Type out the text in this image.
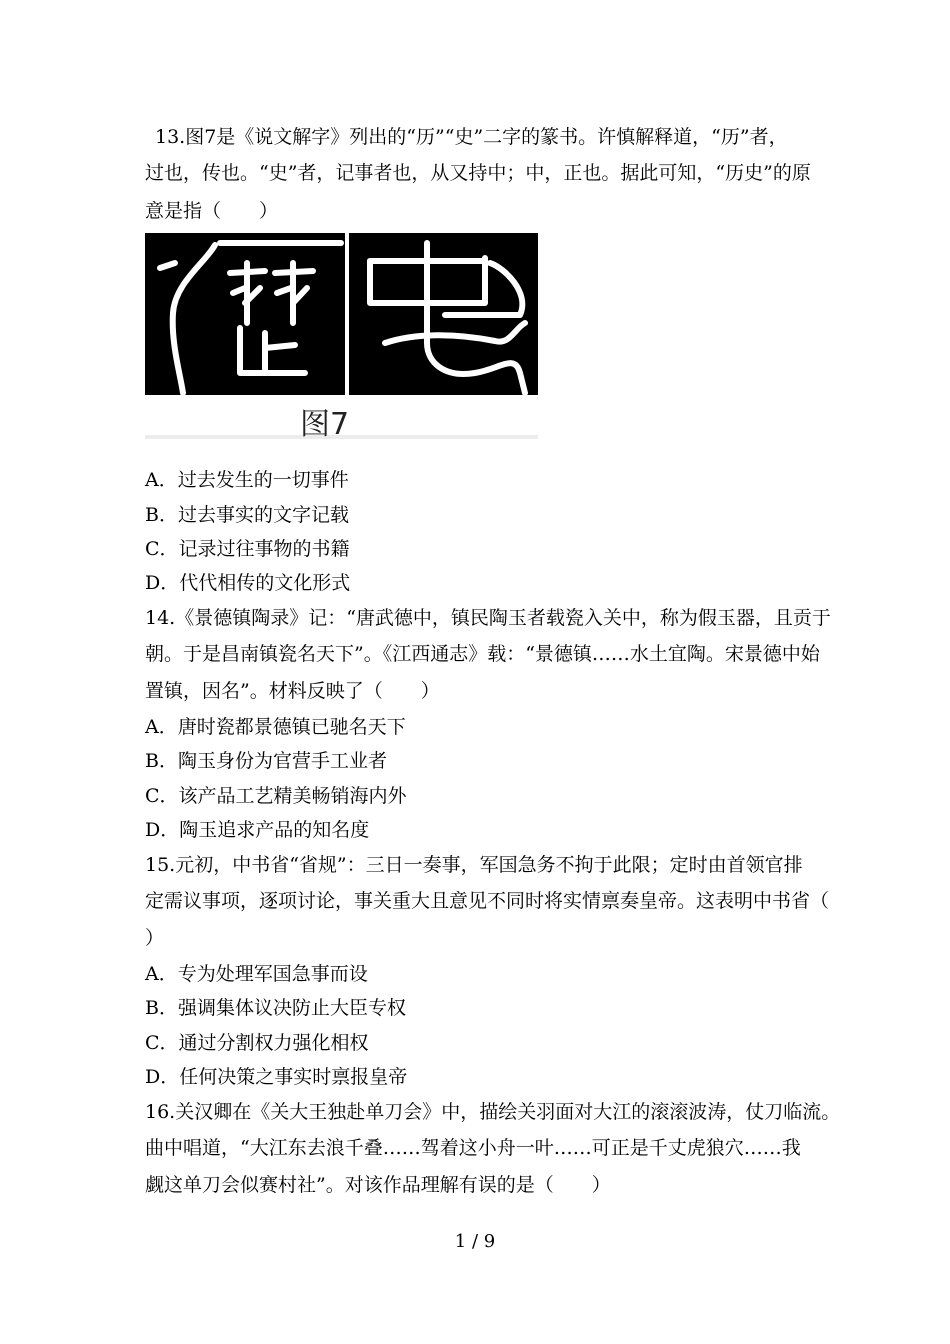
13.图7是《说文解字》列出的“历”“史”二字的篆书。许慎解释道，“历”者，
过也，传也。“史”者，记事者也，从又持中；中，正也。据此可知，“历史”的原
意是指（　　）
图7
A．过去发生的一切事件
B．过去事实的文字记载
C．记录过往事物的书籍
D．代代相传的文化形式
14.《景德镇陶录》记：“唐武德中，镇民陶玉者载瓷入关中，称为假玉器，且贡于
朝。于是昌南镇瓷名天下”。《江西通志》载：“景德镇……水土宜陶。宋景德中始
置镇，因名”。材料反映了（　　）
A．唐时瓷都景德镇已驰名天下
B．陶玉身份为官营手工业者
C．该产品工艺精美畅销海内外
D．陶玉追求产品的知名度
15.元初，中书省“省规”：三日一奏事，军国急务不拘于此限；定时由首领官排
定需议事项，逐项讨论，事关重大且意见不同时将实情禀奏皇帝。这表明中书省（
）
A．专为处理军国急事而设
B．强调集体议决防止大臣专权
C．通过分割权力强化相权
D．任何决策之事实时禀报皇帝
16.关汉卿在《关大王独赴单刀会》中，描绘关羽面对大江的滚滚波涛，仗刀临流。
曲中唱道，“大江东去浪千叠……驾着这小舟一叶……可正是千丈虎狼穴……我
觑这单刀会似赛村社”。对该作品理解有误的是（　　）
1 / 9
